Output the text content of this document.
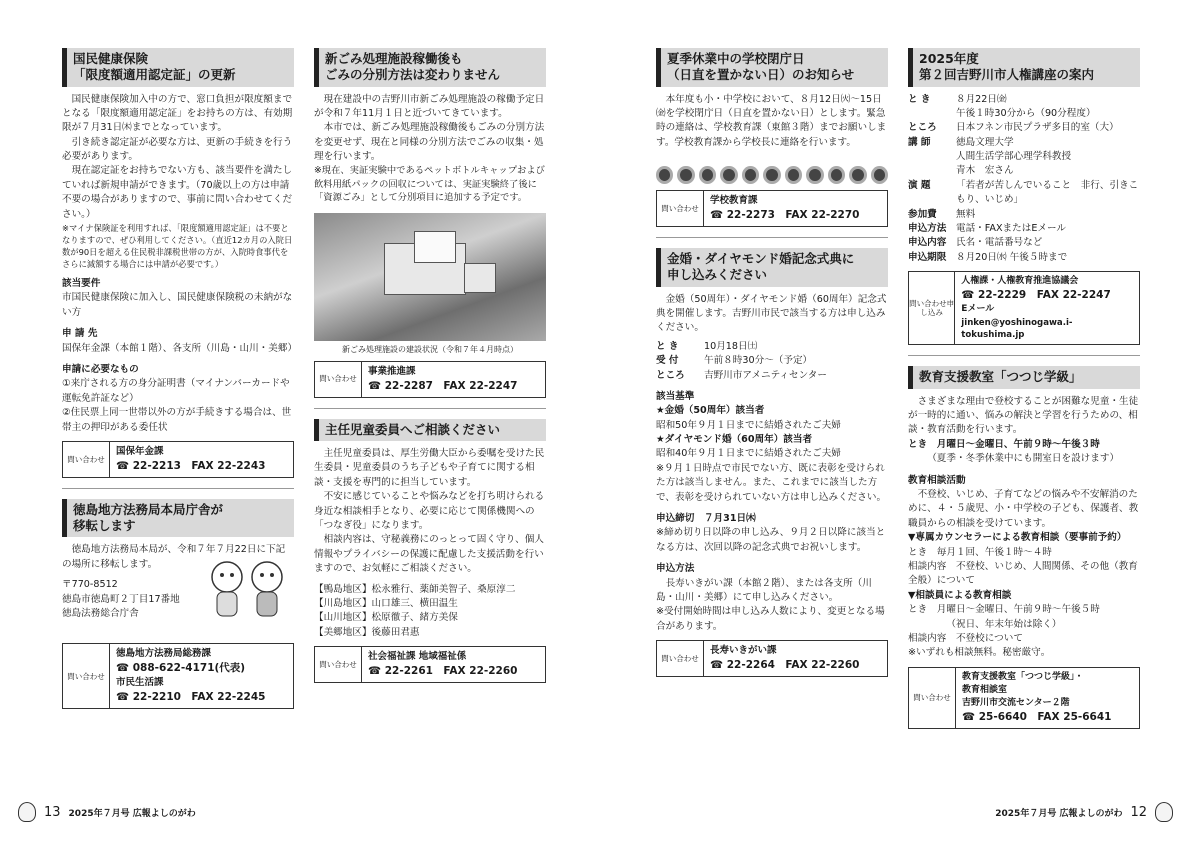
国民健康保険
「限度額適用認定証」の更新

国民健康保険加入中の方で、窓口負担が限度額までとなる「限度額適用認定証」をお持ちの方は、有効期限が７月31日㈭までとなっています。

引き続き認定証が必要な方は、更新の手続きを行う必要があります。

現在認定証をお持ちでない方も、該当要件を満たしていれば新規申請ができます。（70歳以上の方は申請不要の場合がありますので、事前に問い合わせてください。）

※マイナ保険証を利用すれば、「限度額適用認定証」は不要となりますので、ぜひ利用してください。（直近12カ月の入院日数が90日を超える住民税非課税世帯の方が、入院時食事代をさらに減額する場合には申請が必要です。）

該当要件

市国民健康保険に加入し、国民健康保険税の未納がない方

申 請 先

国保年金課（本館１階）、各支所（川島・山川・美郷）

申請に必要なもの

①来庁される方の身分証明書（マイナンバーカードや運転免許証など）

②住民票上同一世帯以外の方が手続きする場合は、世帯主の押印がある委任状

問い合わせ
国保年金課
☎ 22-2213　FAX 22-2243
徳島地方法務局本局庁舎が
移転します

徳島地方法務局本局が、令和７年７月22日に下記の場所に移転します。

〒770-8512

徳島市徳島町２丁目17番地

徳島法務総合庁舎

問い合わせ
徳島地方法務局総務課
☎ 088-622-4171(代表)
市民生活課
☎ 22-2210　FAX 22-2245
新ごみ処理施設稼働後も
ごみの分別方法は変わりません

現在建設中の吉野川市新ごみ処理施設の稼働予定日が令和７年11月１日と近づいてきています。

本市では、新ごみ処理施設稼働後もごみの分別方法を変更せず、現在と同様の分別方法でごみの収集・処理を行います。

※現在、実証実験中であるペットボトルキャップおよび飲料用紙パックの回収については、実証実験終了後に「資源ごみ」として分別項目に追加する予定です。

新ごみ処理施設の建設状況（令和７年４月時点）
問い合わせ
事業推進課
☎ 22-2287　FAX 22-2247
主任児童委員へご相談ください

主任児童委員は、厚生労働大臣から委嘱を受けた民生委員・児童委員のうち子どもや子育てに関する相談・支援を専門的に担当しています。

不安に感じていることや悩みなどを打ち明けられる身近な相談相手となり、必要に応じて関係機関への「つなぎ役」になります。

相談内容は、守秘義務にのっとって固く守り、個人情報やプライバシーの保護に配慮した支援活動を行いますので、お気軽にご相談ください。

【鴨島地区】松永雅行、薬師美智子、桑原淳二

【川島地区】山口雄三、横田温生

【山川地区】松原徹子、緒方美保

【美郷地区】後藤田君惠

問い合わせ
社会福祉課 地域福祉係
☎ 22-2261　FAX 22-2260
夏季休業中の学校閉庁日
（日直を置かない日）のお知らせ

本年度も小・中学校において、８月12日㈫〜15日㈮を学校閉庁日（日直を置かない日）とします。緊急時の連絡は、学校教育課（東館３階）までお願いします。学校教育課から学校長に連絡を行います。

問い合わせ
学校教育課
☎ 22-2273　FAX 22-2270
金婚・ダイヤモンド婚記念式典に
申し込みください

金婚（50周年）・ダイヤモンド婚（60周年）記念式典を開催します。吉野川市民で該当する方は申し込みください。

と き	10月18日㈯
受 付	午前８時30分～（予定）
ところ	吉野川市アメニティセンター

該当基準

★金婚（50周年）該当者

昭和50年９月１日までに結婚されたご夫婦

★ダイヤモンド婚（60周年）該当者

昭和40年９月１日までに結婚されたご夫婦

※９月１日時点で市民でない方、既に表彰を受けられた方は該当しません。また、これまでに該当した方で、表彰を受けられていない方は申し込みください。

申込締切　７月31日㈭

※締め切り日以降の申し込み、９月２日以降に該当となる方は、次回以降の記念式典でお祝いします。

申込方法

長寿いきがい課（本館２階）、または各支所（川島・山川・美郷）にて申し込みください。

※受付開始時間は申し込み人数により、変更となる場合があります。

問い合わせ
長寿いきがい課
☎ 22-2264　FAX 22-2260
2025年度
第２回吉野川市人権講座の案内
と き	８月22日㈮
午後１時30分から（90分程度）
ところ	日本フネン市民プラザ多目的室（大）
講 師	徳島文理大学
人間生活学部心理学科教授
青木　宏さん
演 題	「若者が苦しんでいること　非行、引きこもり、いじめ」
参加費	無料
申込方法	電話・FAXまたはEメール
申込内容	氏名・電話番号など
申込期限	８月20日㈬ 午後５時まで
問い合わせ申し込み
人権課・人権教育推進協議会
☎ 22-2229　FAX 22-2247
Eメール
jinken@yoshinogawa.i-tokushima.jp
教育支援教室「つつじ学級」

さまざまな理由で登校することが困難な児童・生徒が一時的に通い、悩みの解決と学習を行うための、相談・教育活動を行います。

とき　月曜日～金曜日、午前９時～午後３時

（夏季・冬季休業中にも開室日を設けます）

教育相談活動

不登校、いじめ、子育てなどの悩みや不安解消のために、４・５歳児、小・中学校の子ども、保護者、教職員からの相談を受けています。

▼専属カウンセラーによる教育相談（要事前予約）

とき　毎月１回、午後１時～４時

相談内容　不登校、いじめ、人間関係、その他（教育全般）について

▼相談員による教育相談

とき　月曜日～金曜日、午前９時～午後５時

（祝日、年末年始は除く）

相談内容　不登校について

※いずれも相談無料。秘密厳守。

問い合わせ
教育支援教室「つつじ学級」・
教育相談室
吉野川市交流センター２階
☎ 25-6640　FAX 25-6641
13 2025年７月号 広報よしのがわ	2025年７月号 広報よしのがわ 12
